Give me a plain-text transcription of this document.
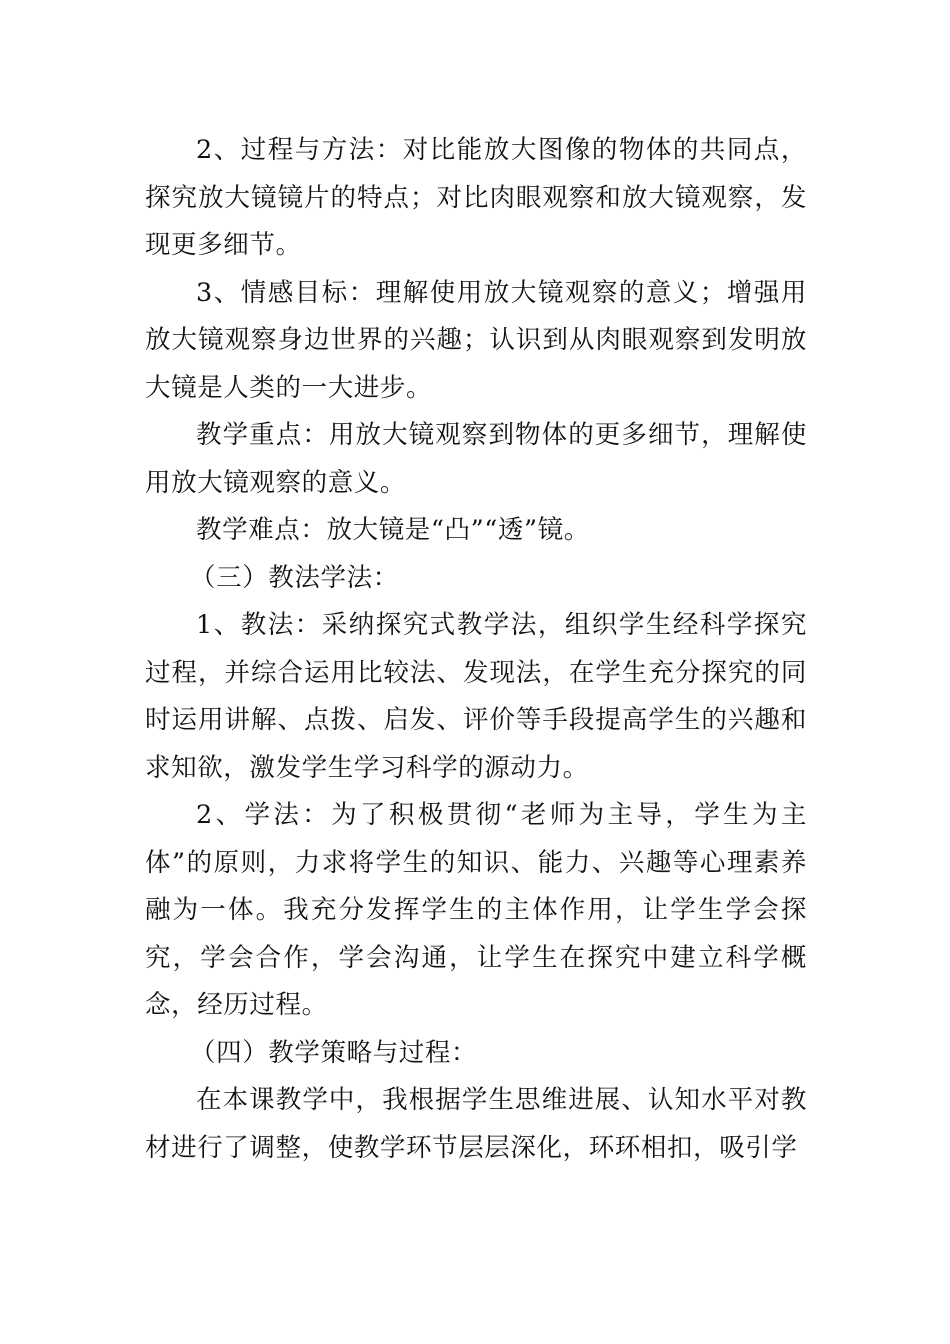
2、过程与方法：对比能放大图像的物体的共同点，探究放大镜镜片的特点；对比肉眼观察和放大镜观察，发现更多细节。

3、情感目标：理解使用放大镜观察的意义；增强用放大镜观察身边世界的兴趣；认识到从肉眼观察到发明放大镜是人类的一大进步。

教学重点：用放大镜观察到物体的更多细节，理解使用放大镜观察的意义。

教学难点：放大镜是“凸”“透”镜。

（三）教法学法：

1、教法：采纳探究式教学法，组织学生经科学探究过程，并综合运用比较法、发现法，在学生充分探究的同时运用讲解、点拨、启发、评价等手段提高学生的兴趣和求知欲，激发学生学习科学的源动力。

2、学法：为了积极贯彻“老师为主导，学生为主体”的原则，力求将学生的知识、能力、兴趣等心理素养融为一体。我充分发挥学生的主体作用，让学生学会探究，学会合作，学会沟通，让学生在探究中建立科学概念，经历过程。

（四）教学策略与过程：

在本课教学中，我根据学生思维进展、认知水平对教材进行了调整，使教学环节层层深化，环环相扣，吸引学
